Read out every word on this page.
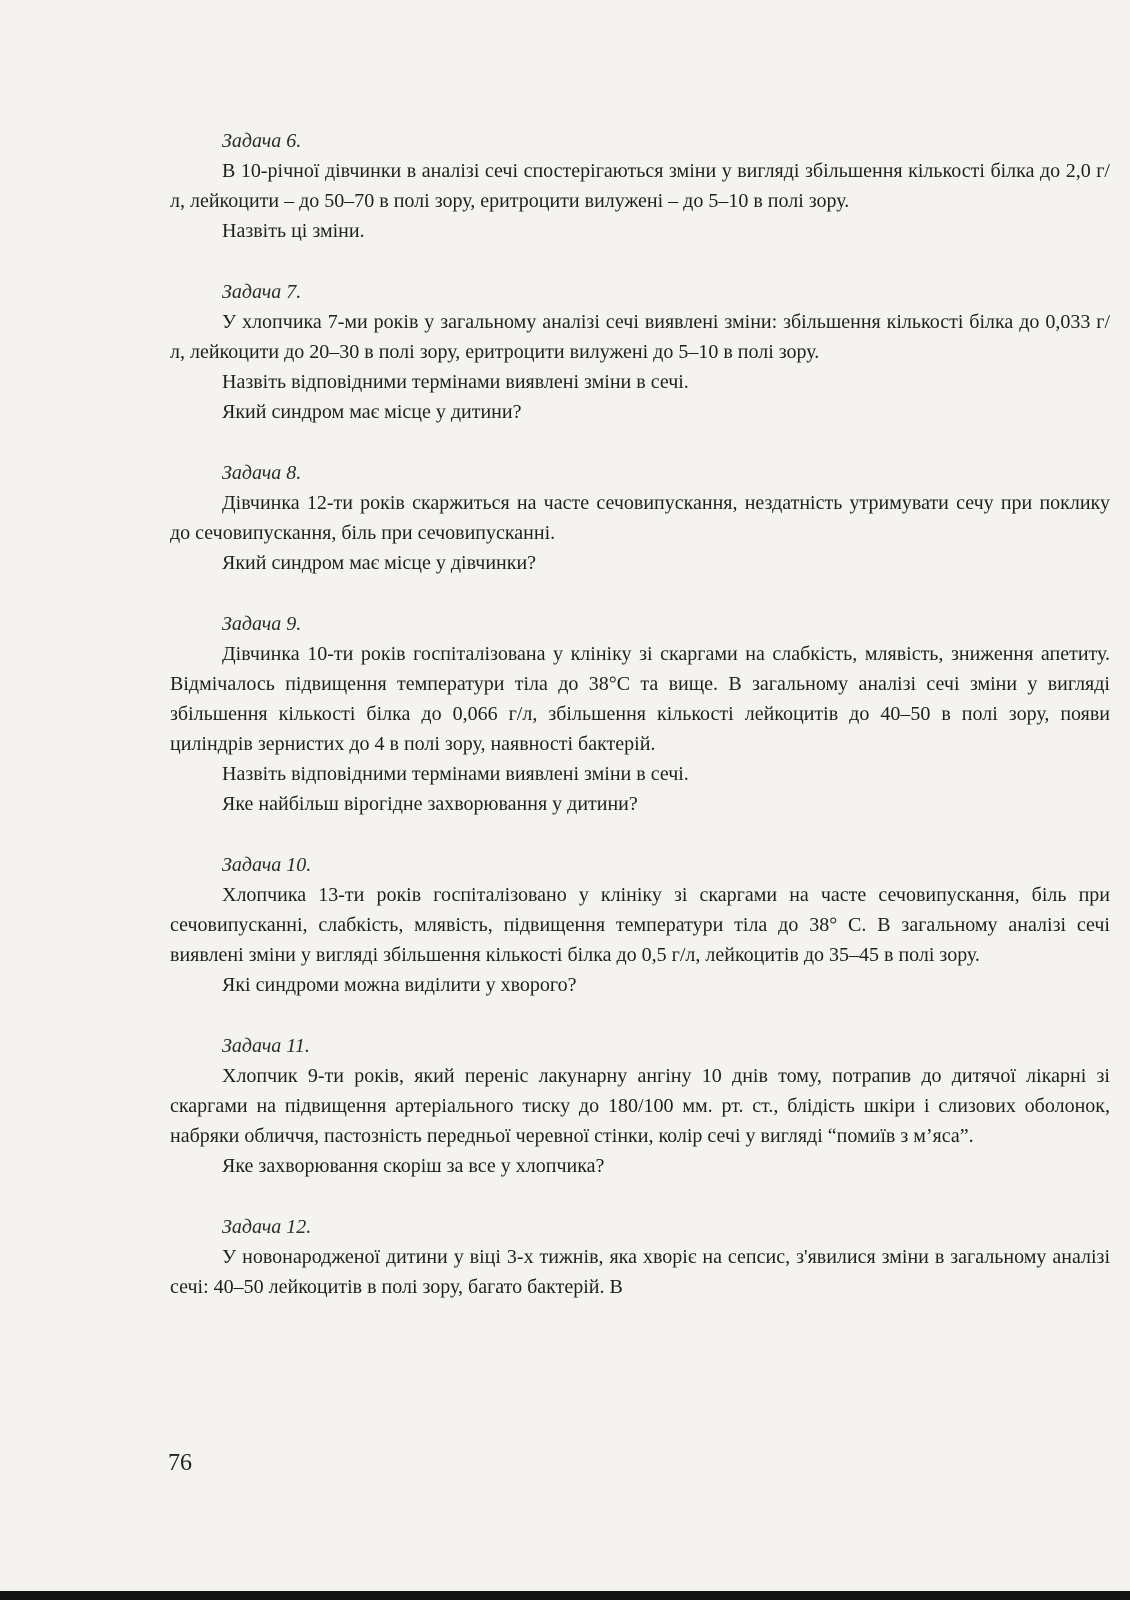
Задача 6.

В 10-річної дівчинки в аналізі сечі спостерігаються зміни у вигляді збільшення кількості білка до 2,0 г/л, лейкоцити – до 50–70 в полі зору, еритроцити вилужені – до 5–10 в полі зору.

Назвіть ці зміни.

Задача 7.

У хлопчика 7-ми років у загальному аналізі сечі виявлені зміни: збільшення кількості білка до 0,033 г/л, лейкоцити до 20–30 в полі зору, еритроцити вилужені до 5–10 в полі зору.

Назвіть відповідними термінами виявлені зміни в сечі.

Який синдром має місце у дитини?

Задача 8.

Дівчинка 12-ти років скаржиться на часте сечовипускання, нездатність утримувати сечу при поклику до сечовипускання, біль при сечовипусканні.

Який синдром має місце у дівчинки?

Задача 9.

Дівчинка 10-ти років госпіталізована у клініку зі скаргами на слабкість, млявість, зниження апетиту. Відмічалось підвищення температури тіла до 38°С та вище. В загальному аналізі сечі зміни у вигляді збільшення кількості білка до 0,066 г/л, збільшення кількості лейкоцитів до 40–50 в полі зору, появи циліндрів зернистих до 4 в полі зору, наявності бактерій.

Назвіть відповідними термінами виявлені зміни в сечі.

Яке найбільш вірогідне захворювання у дитини?

Задача 10.

Хлопчика 13-ти років госпіталізовано у клініку зі скаргами на часте сечовипускання, біль при сечовипусканні, слабкість, млявість, підвищення температури тіла до 38° С. В загальному аналізі сечі виявлені зміни у вигляді збільшення кількості білка до 0,5 г/л, лейкоцитів до 35–45 в полі зору.

Які синдроми можна виділити у хворого?

Задача 11.

Хлопчик 9-ти років, який переніс лакунарну ангіну 10 днів тому, потрапив до дитячої лікарні зі скаргами на підвищення артеріального тиску до 180/100 мм. рт. ст., блідість шкіри і слизових оболонок, набряки обличчя, пастозність передньої черевної стінки, колір сечі у вигляді “помиїв з м’яса”.

Яке захворювання скоріш за все у хлопчика?

Задача 12.

У новонародженої дитини у віці 3-х тижнів, яка хворіє на сепсис, з'явилися зміни в загальному аналізі сечі: 40–50 лейкоцитів в полі зору, багато бактерій. В

76
